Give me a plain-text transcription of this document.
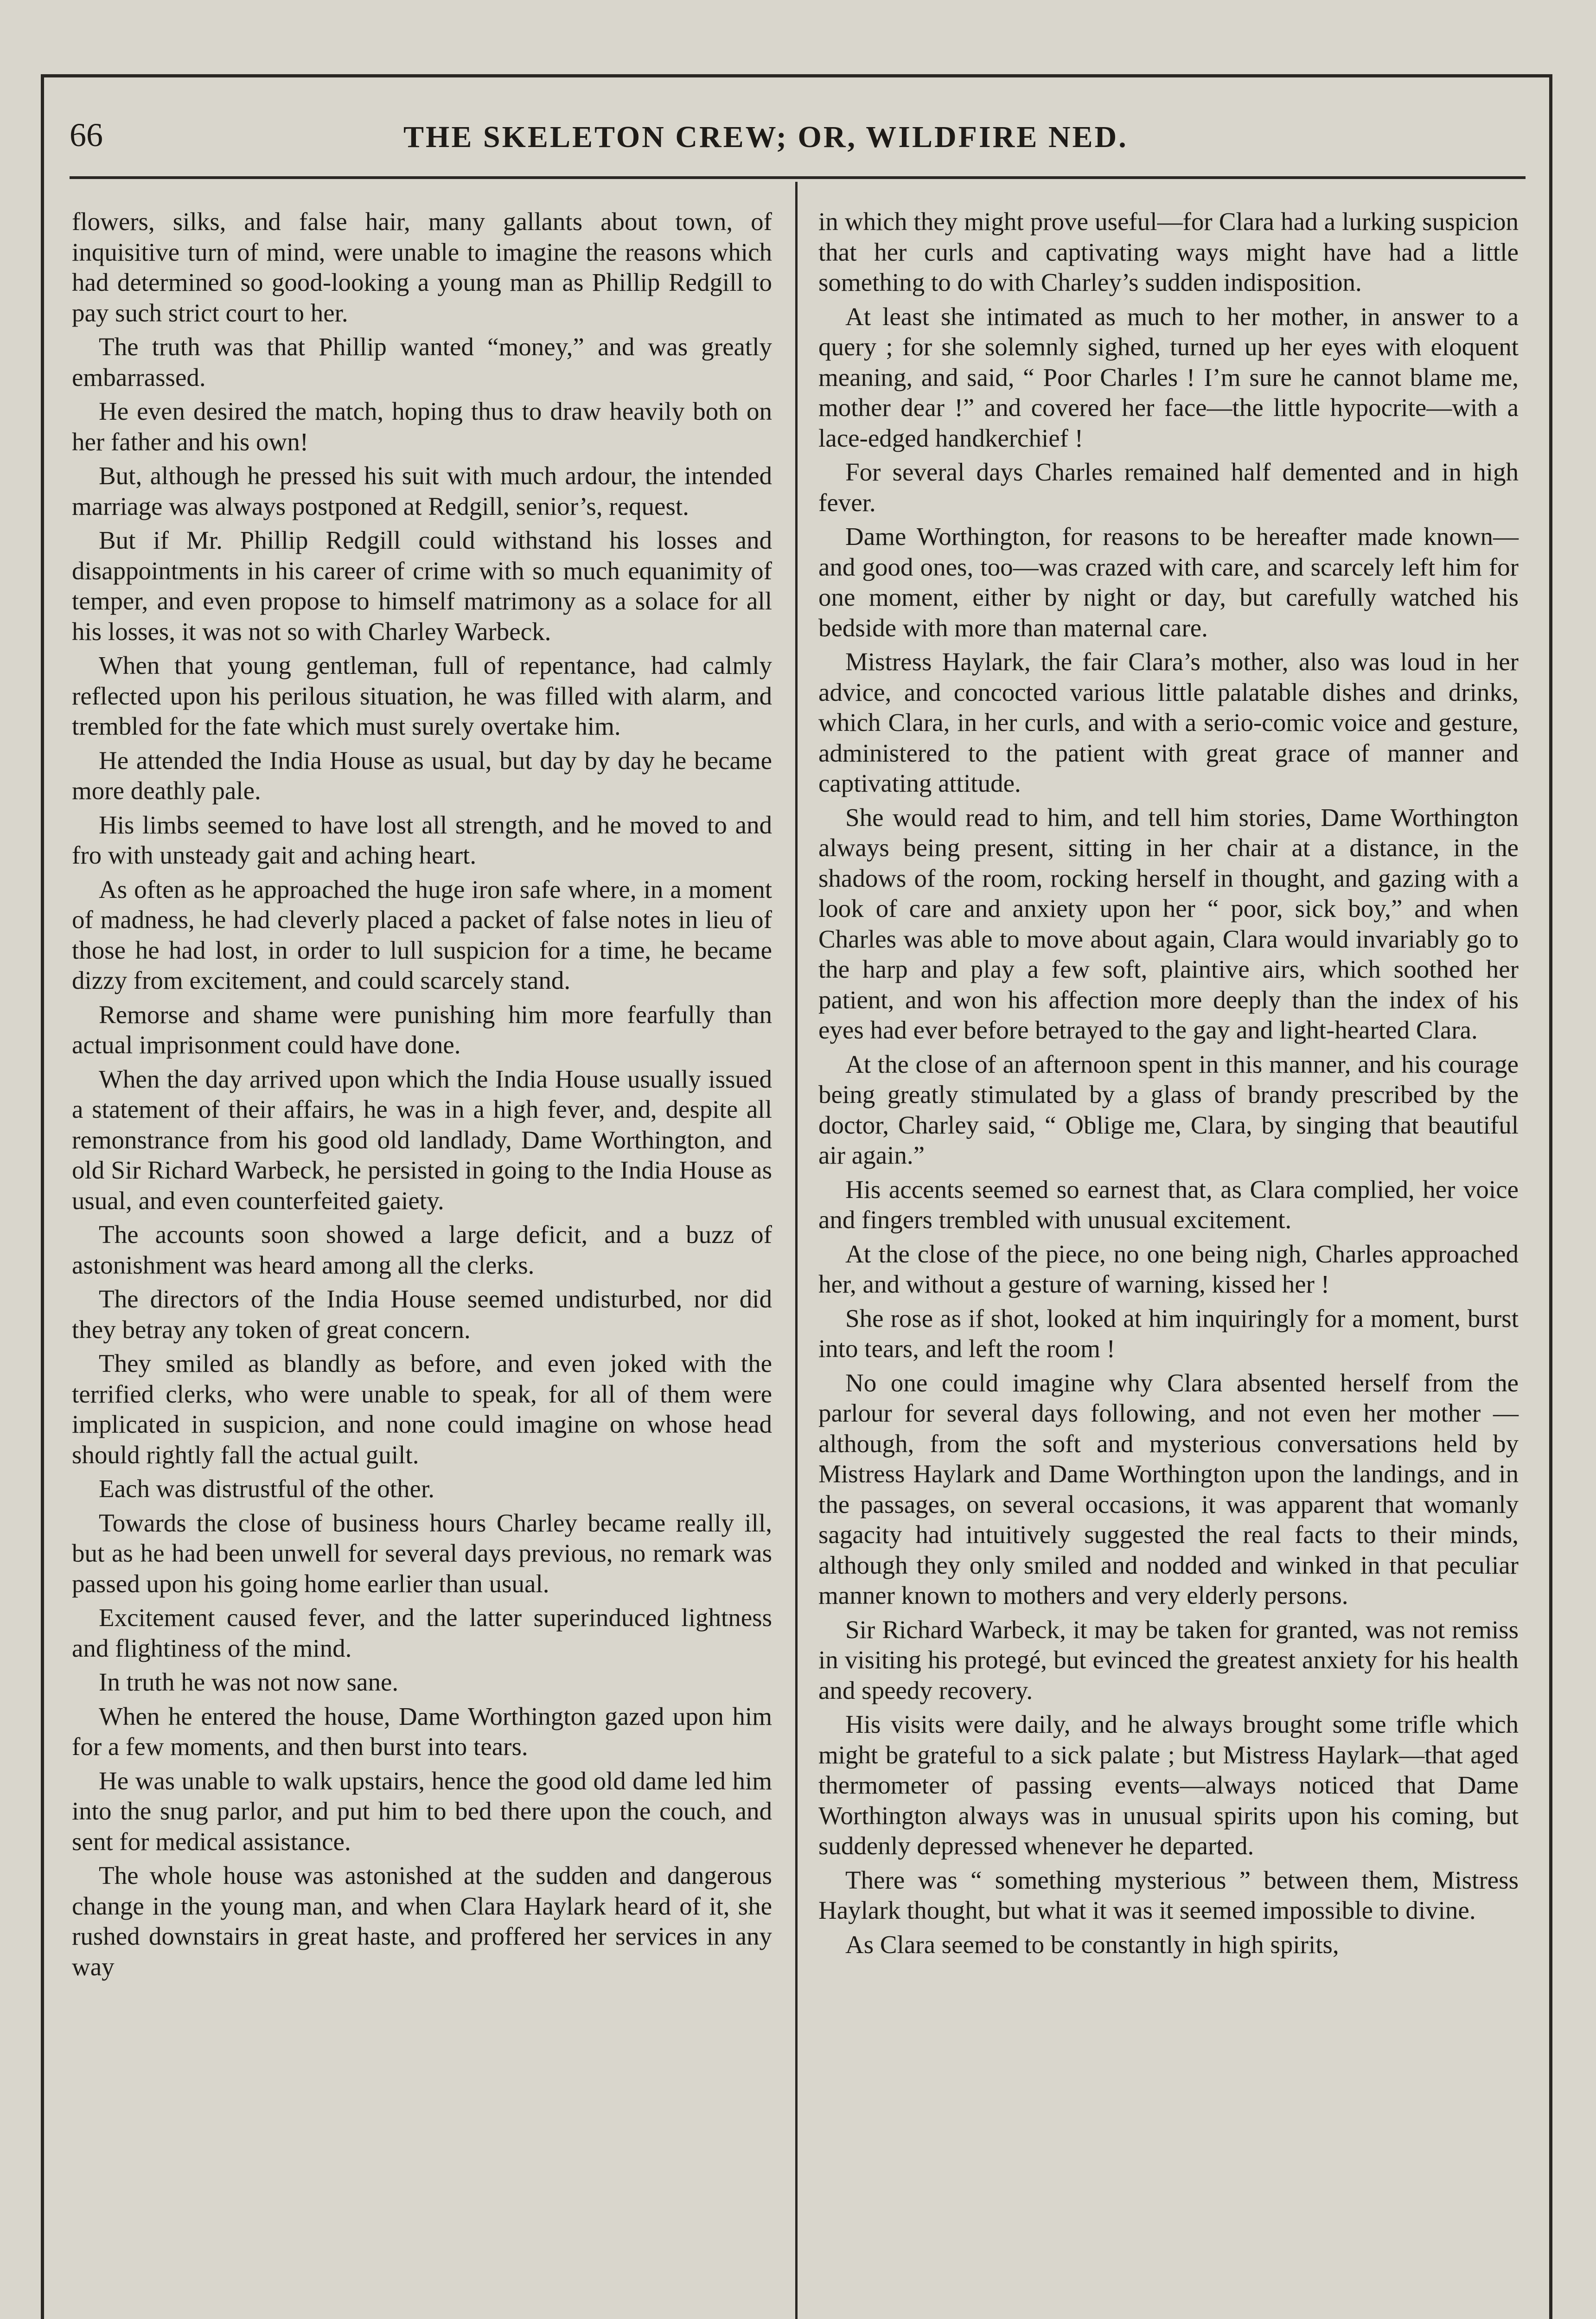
66	THE SKELETON CREW; OR, WILDFIRE NED.

flowers, silks, and false hair, many gallants about town, of inquisitive turn of mind, were unable to imagine the reasons which had determined so good-looking a young man as Phillip Redgill to pay such strict court to her.

The truth was that Phillip wanted “money,” and was greatly embarrassed.

He even desired the match, hoping thus to draw heavily both on her father and his own!

But, although he pressed his suit with much ardour, the intended marriage was always postponed at Redgill, senior’s, request.

But if Mr. Phillip Redgill could withstand his losses and disappointments in his career of crime with so much equanimity of temper, and even propose to himself matrimony as a solace for all his losses, it was not so with Charley Warbeck.

When that young gentleman, full of repentance, had calmly reflected upon his perilous situation, he was filled with alarm, and trembled for the fate which must surely overtake him.

He attended the India House as usual, but day by day he became more deathly pale.

His limbs seemed to have lost all strength, and he moved to and fro with unsteady gait and aching heart.

As often as he approached the huge iron safe where, in a moment of madness, he had cleverly placed a packet of false notes in lieu of those he had lost, in order to lull suspicion for a time, he became dizzy from excitement, and could scarcely stand.

Remorse and shame were punishing him more fearfully than actual imprisonment could have done.

When the day arrived upon which the India House usually issued a statement of their affairs, he was in a high fever, and, despite all remonstrance from his good old landlady, Dame Worthington, and old Sir Richard Warbeck, he persisted in going to the India House as usual, and even counterfeited gaiety.

The accounts soon showed a large deficit, and a buzz of astonishment was heard among all the clerks.

The directors of the India House seemed undisturbed, nor did they betray any token of great concern.

They smiled as blandly as before, and even joked with the terrified clerks, who were unable to speak, for all of them were implicated in suspicion, and none could imagine on whose head should rightly fall the actual guilt.

Each was distrustful of the other.

Towards the close of business hours Charley became really ill, but as he had been unwell for several days previous, no remark was passed upon his going home earlier than usual.

Excitement caused fever, and the latter superinduced lightness and flightiness of the mind.

In truth he was not now sane.

When he entered the house, Dame Worthington gazed upon him for a few moments, and then burst into tears.

He was unable to walk upstairs, hence the good old dame led him into the snug parlor, and put him to bed there upon the couch, and sent for medical assistance.

The whole house was astonished at the sudden and dangerous change in the young man, and when Clara Haylark heard of it, she rushed downstairs in great haste, and proffered her services in any way

in which they might prove useful—for Clara had a lurking suspicion that her curls and captivating ways might have had a little something to do with Charley’s sudden indisposition.

At least she intimated as much to her mother, in answer to a query ; for she solemnly sighed, turned up her eyes with eloquent meaning, and said, “ Poor Charles ! I’m sure he cannot blame me, mother dear !” and covered her face—the little hypocrite—with a lace-edged handkerchief !

For several days Charles remained half demented and in high fever.

Dame Worthington, for reasons to be hereafter made known—and good ones, too—was crazed with care, and scarcely left him for one moment, either by night or day, but carefully watched his bedside with more than maternal care.

Mistress Haylark, the fair Clara’s mother, also was loud in her advice, and concocted various little palatable dishes and drinks, which Clara, in her curls, and with a serio-comic voice and gesture, administered to the patient with great grace of manner and captivating attitude.

She would read to him, and tell him stories, Dame Worthington always being present, sitting in her chair at a distance, in the shadows of the room, rocking herself in thought, and gazing with a look of care and anxiety upon her “ poor, sick boy,” and when Charles was able to move about again, Clara would invariably go to the harp and play a few soft, plaintive airs, which soothed her patient, and won his affection more deeply than the index of his eyes had ever before betrayed to the gay and light-hearted Clara.

At the close of an afternoon spent in this manner, and his courage being greatly stimulated by a glass of brandy prescribed by the doctor, Charley said, “ Oblige me, Clara, by singing that beautiful air again.”

His accents seemed so earnest that, as Clara complied, her voice and fingers trembled with unusual excitement.

At the close of the piece, no one being nigh, Charles approached her, and without a gesture of warning, kissed her !

She rose as if shot, looked at him inquiringly for a moment, burst into tears, and left the room !

No one could imagine why Clara absented herself from the parlour for several days following, and not even her mother — although, from the soft and mysterious conversations held by Mistress Haylark and Dame Worthington upon the landings, and in the passages, on several occasions, it was apparent that womanly sagacity had intuitively suggested the real facts to their minds, although they only smiled and nodded and winked in that peculiar manner known to mothers and very elderly persons.

Sir Richard Warbeck, it may be taken for granted, was not remiss in visiting his protegé, but evinced the greatest anxiety for his health and speedy recovery.

His visits were daily, and he always brought some trifle which might be grateful to a sick palate ; but Mistress Haylark—that aged thermometer of passing events—always noticed that Dame Worthington always was in unusual spirits upon his coming, but suddenly depressed whenever he departed.

There was “ something mysterious ” between them, Mistress Haylark thought, but what it was it seemed impossible to divine.

As Clara seemed to be constantly in high spirits,
